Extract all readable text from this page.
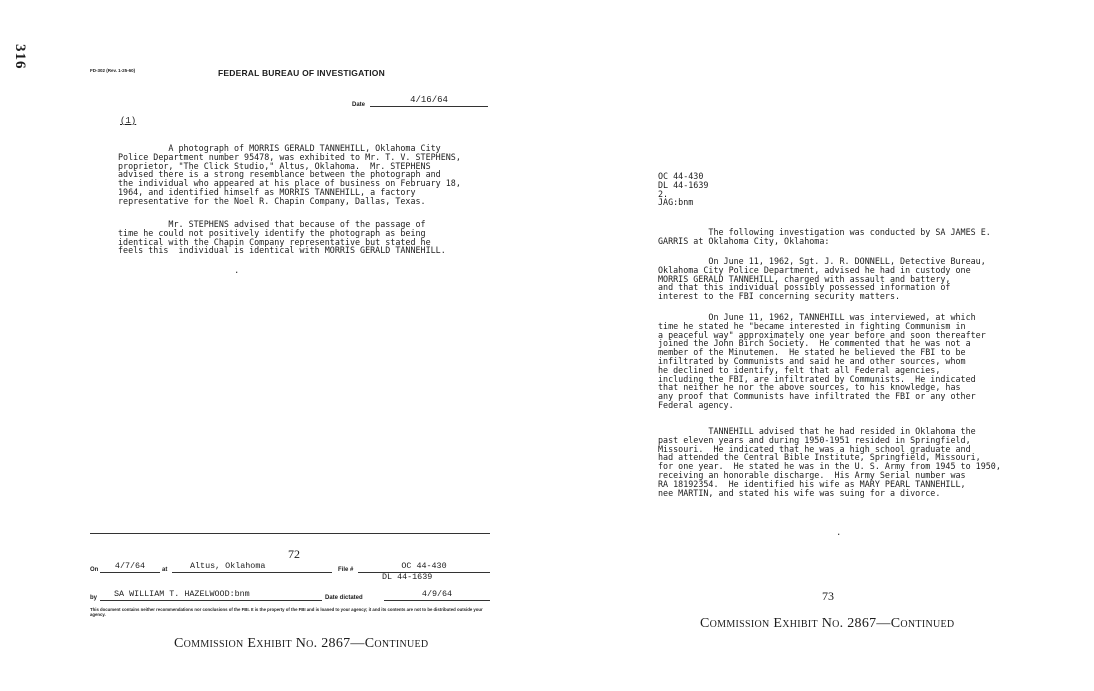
316
FD-302 (Rev. 1-25-60)	FEDERAL BUREAU OF INVESTIGATION
Date	4/16/64
(1)
A photograph of MORRIS GERALD TANNEHILL, Oklahoma City
Police Department number 95478, was exhibited to Mr. T. V. STEPHENS,
proprietor, "The Click Studio," Altus, Oklahoma.  Mr. STEPHENS
advised there is a strong resemblance between the photograph and
the individual who appeared at his place of business on February 18,
1964, and identified himself as MORRIS TANNEHILL, a factory
representative for the Noel R. Chapin Company, Dallas, Texas.
Mr. STEPHENS advised that because of the passage of
time he could not positively identify the photograph as being
identical with the Chapin Company representative but stated he
feels this  individual is identical with MORRIS GERALD TANNEHILL.
·
72
On	4/7/64	at	Altus, Oklahoma	File #	OC 44-430
DL 44-1639
by	SA WILLIAM T. HAZELWOOD:bnm	Date dictated	4/9/64
This document contains neither recommendations nor conclusions of the FBI. It is the property of the FBI and is loaned to your agency; it and its contents are not to be distributed outside your agency.
Commission Exhibit No. 2867—Continued
OC 44-430
DL 44-1639
2.
JAG:bnm
The following investigation was conducted by SA JAMES E.
GARRIS at Oklahoma City, Oklahoma:
On June 11, 1962, Sgt. J. R. DONNELL, Detective Bureau,
Oklahoma City Police Department, advised he had in custody one
MORRIS GERALD TANNEHILL, charged with assault and battery,
and that this individual possibly possessed information of
interest to the FBI concerning security matters.
On June 11, 1962, TANNEHILL was interviewed, at which
time he stated he "became interested in fighting Communism in
a peaceful way" approximately one year before and soon thereafter
joined the John Birch Society.  He commented that he was not a
member of the Minutemen.  He stated he believed the FBI to be
infiltrated by Communists and said he and other sources, whom
he declined to identify, felt that all Federal agencies,
including the FBI, are infiltrated by Communists.  He indicated
that neither he nor the above sources, to his knowledge, has
any proof that Communists have infiltrated the FBI or any other
Federal agency.
TANNEHILL advised that he had resided in Oklahoma the
past eleven years and during 1950-1951 resided in Springfield,
Missouri.  He indicated that he was a high school graduate and
had attended the Central Bible Institute, Springfield, Missouri,
for one year.  He stated he was in the U. S. Army from 1945 to 1950,
receiving an honorable discharge.  His Army Serial number was
RA 18192354.  He identified his wife as MARY PEARL TANNEHILL,
nee MARTIN, and stated his wife was suing for a divorce.
·
73
Commission Exhibit No. 2867—Continued
